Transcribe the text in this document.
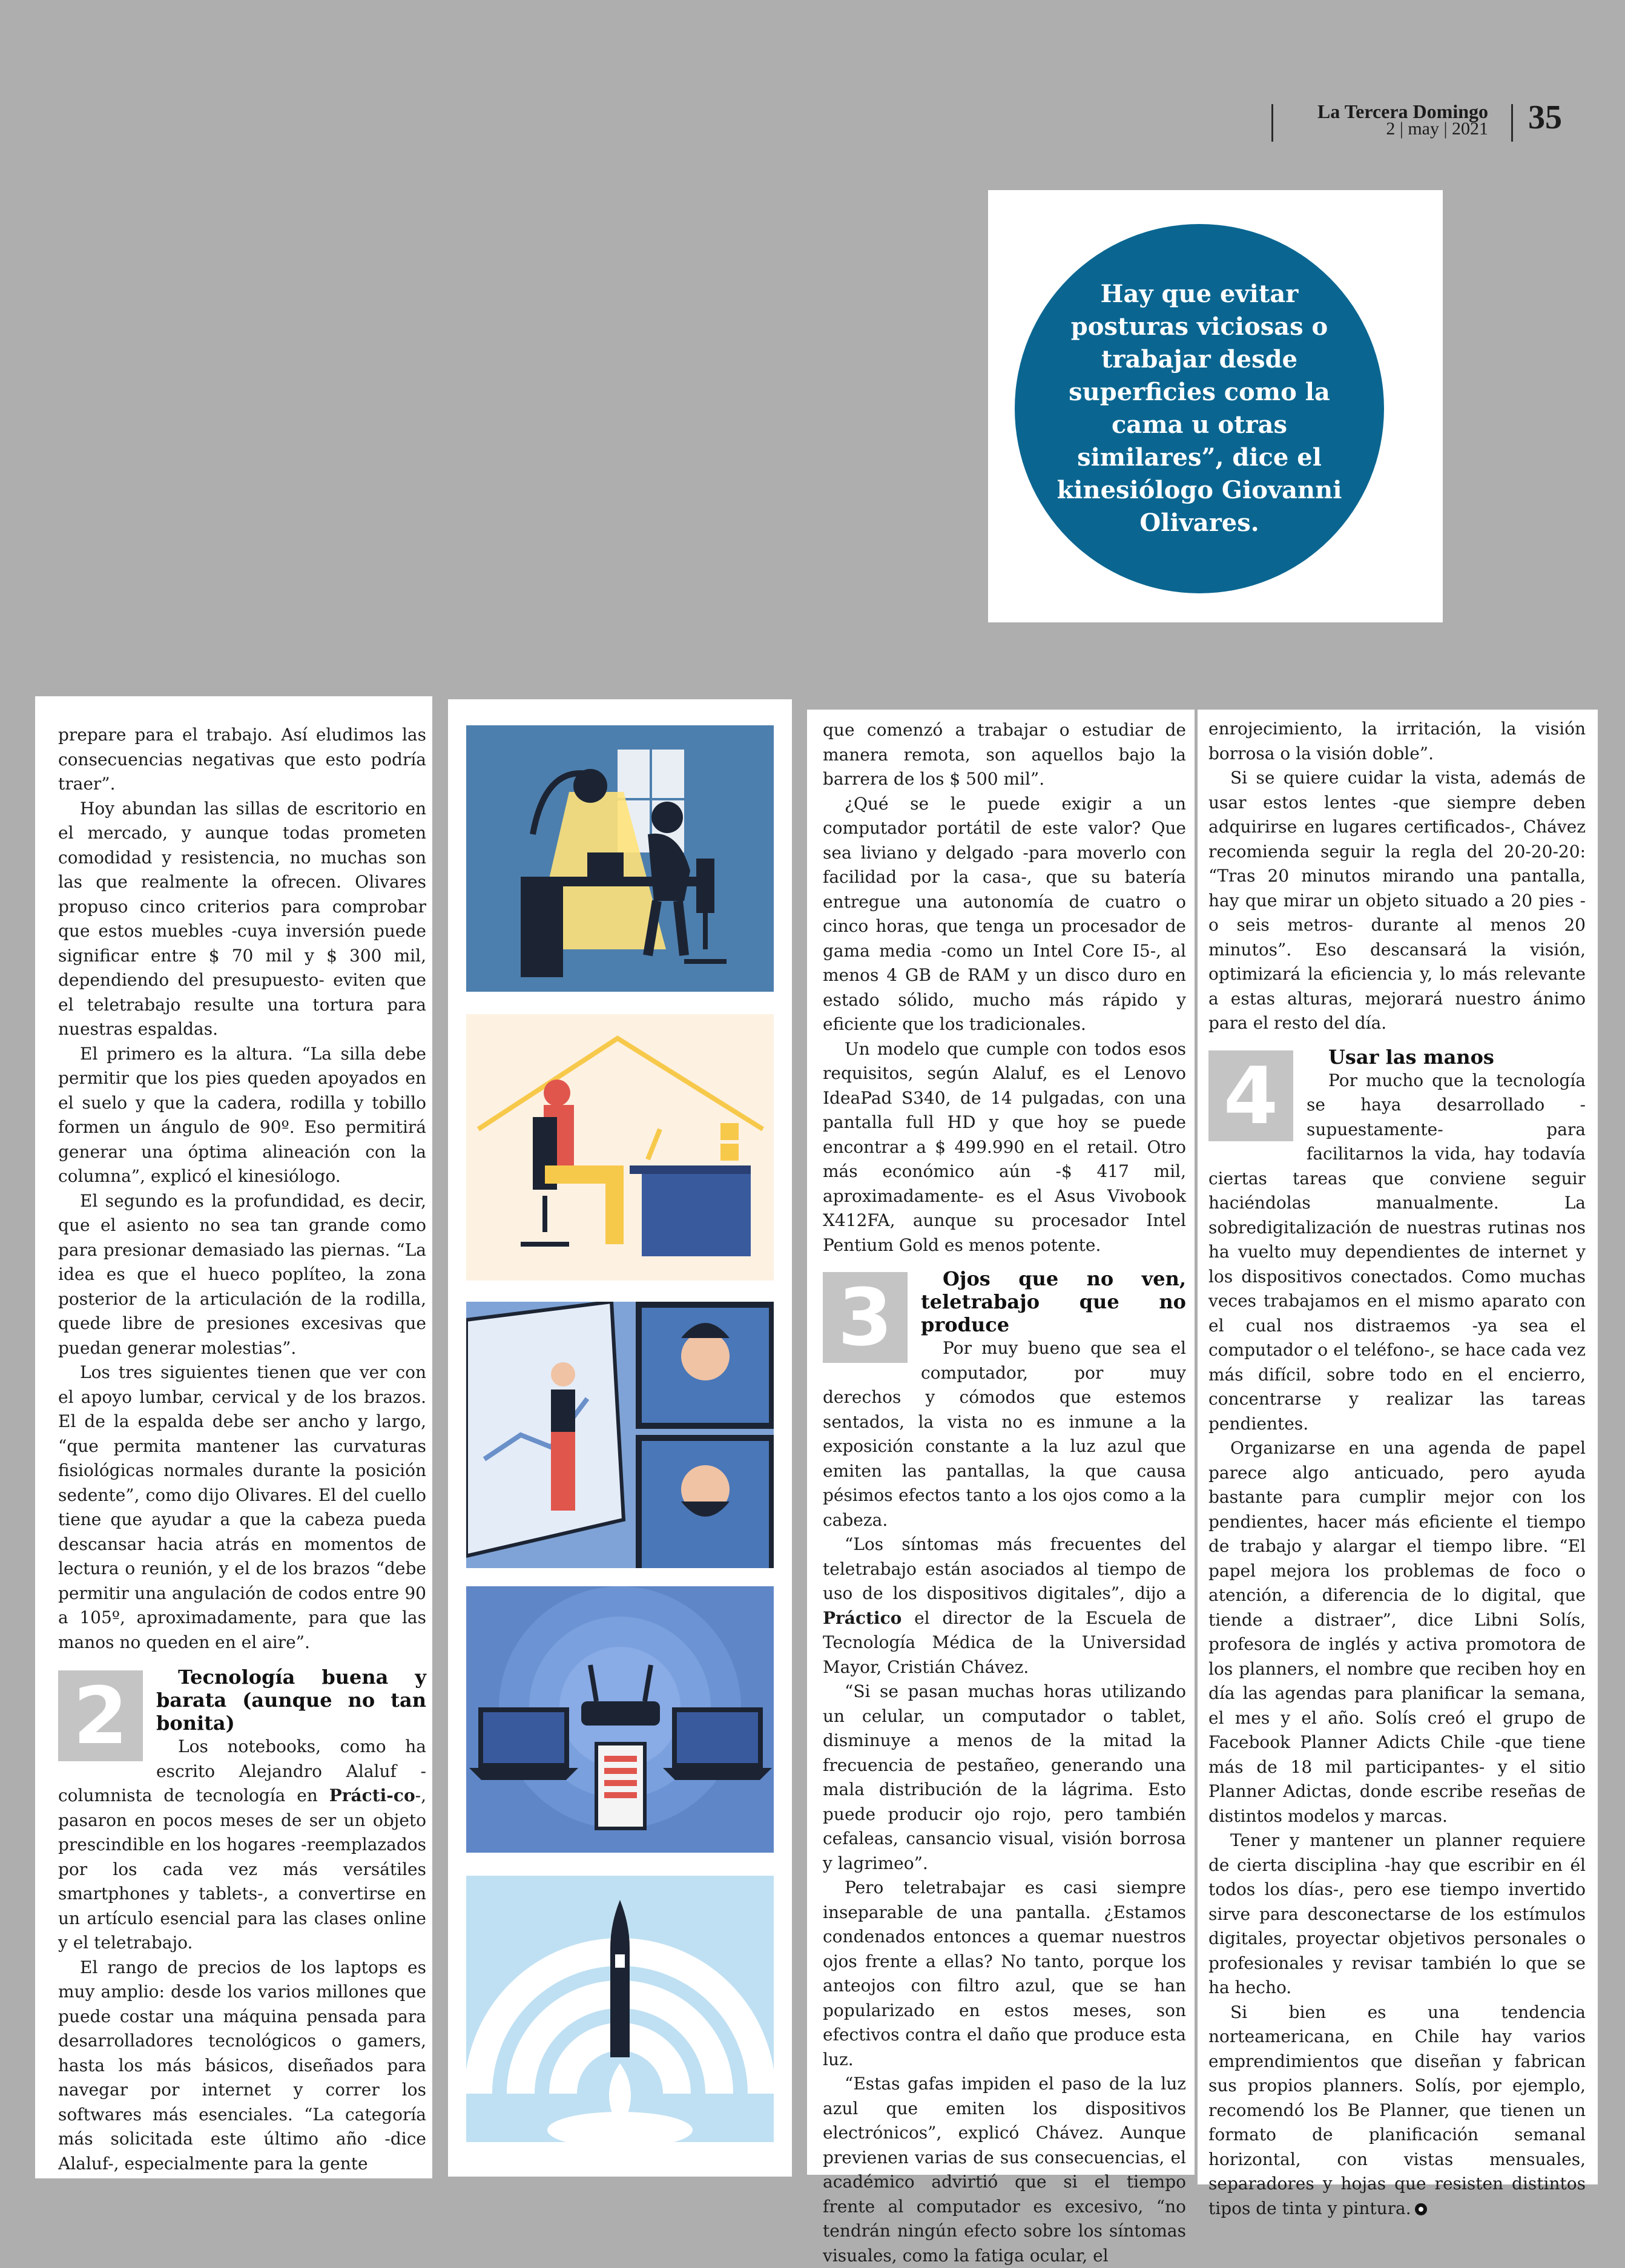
La Tercera Domingo
2 | may | 2021 35
Hay que evitar posturas viciosas o trabajar desde superficies como la cama u otras similares”, dice el kinesiólogo Giovanni Olivares.

prepare para el trabajo. Así eludimos las consecuencias negativas que esto podría traer”.

Hoy abundan las sillas de escritorio en el mercado, y aunque todas prometen comodidad y resistencia, no muchas son las que realmente la ofrecen. Olivares propuso cinco criterios para comprobar que estos muebles -cuya inversión puede significar entre $ 70 mil y $ 300 mil, dependiendo del presupuesto- eviten que el teletrabajo resulte una tortura para nuestras espaldas.

El primero es la altura. “La silla debe permitir que los pies queden apoyados en el suelo y que la cadera, rodilla y tobillo formen un ángulo de 90º. Eso permitirá generar una óptima alineación con la columna”, explicó el kinesiólogo.

El segundo es la profundidad, es decir, que el asiento no sea tan grande como para presionar demasiado las piernas. “La idea es que el hueco poplíteo, la zona posterior de la articulación de la rodilla, quede libre de presiones excesivas que puedan generar molestias”.

Los tres siguientes tienen que ver con el apoyo lumbar, cervical y de los brazos. El de la espalda debe ser ancho y largo, “que permita mantener las curvaturas fisiológicas normales durante la posición sedente”, como dijo Olivares. El del cuello tiene que ayudar a que la cabeza pueda descansar hacia atrás en momentos de lectura o reunión, y el de los brazos “debe permitir una angulación de codos entre 90 a 105º, aproximadamente, para que las manos no queden en el aire”.

2	Tecnología buena y barata (aunque no tan bonita)

Los notebooks, como ha escrito Alejandro Alaluf -columnista de tecnología en Prácti-co-, pasaron en pocos meses de ser un objeto prescindible en los hogares -reemplazados por los cada vez más versátiles smartphones y tablets-, a convertirse en un artículo esencial para las clases online y el teletrabajo.

El rango de precios de los laptops es muy amplio: desde los varios millones que puede costar una máquina pensada para desarrolladores tecnológicos o gamers, hasta los más básicos, diseñados para navegar por internet y correr los softwares más esenciales. “La categoría más solicitada este último año -dice Alaluf-, especialmente para la gente

que comenzó a trabajar o estudiar de manera remota, son aquellos bajo la barrera de los $ 500 mil”.

¿Qué se le puede exigir a un computador portátil de este valor? Que sea liviano y delgado -para moverlo con facilidad por la casa-, que su batería entregue una autonomía de cuatro o cinco horas, que tenga un procesador de gama media -como un Intel Core I5-, al menos 4 GB de RAM y un disco duro en estado sólido, mucho más rápido y eficiente que los tradicionales.

Un modelo que cumple con todos esos requisitos, según Alaluf, es el Lenovo IdeaPad S340, de 14 pulgadas, con una pantalla full HD y que hoy se puede encontrar a $ 499.990 en el retail. Otro más económico aún -$ 417 mil, aproximadamente- es el Asus Vivobook X412FA, aunque su procesador Intel Pentium Gold es menos potente.

3	Ojos que no ven, teletrabajo que no produce

Por muy bueno que sea el computador, por muy derechos y cómodos que estemos sentados, la vista no es inmune a la exposición constante a la luz azul que emiten las pantallas, la que causa pésimos efectos tanto a los ojos como a la cabeza.

“Los síntomas más frecuentes del teletrabajo están asociados al tiempo de uso de los dispositivos digitales”, dijo a Práctico el director de la Escuela de Tecnología Médica de la Universidad Mayor, Cristián Chávez.

“Si se pasan muchas horas utilizando un celular, un computador o tablet, disminuye a menos de la mitad la frecuencia de pestañeo, generando una mala distribución de la lágrima. Esto puede producir ojo rojo, pero también cefaleas, cansancio visual, visión borrosa y lagrimeo”.

Pero teletrabajar es casi siempre inseparable de una pantalla. ¿Estamos condenados entonces a quemar nuestros ojos frente a ellas? No tanto, porque los anteojos con filtro azul, que se han popularizado en estos meses, son efectivos contra el daño que produce esta luz.

“Estas gafas impiden el paso de la luz azul que emiten los dispositivos electrónicos”, explicó Chávez. Aunque previenen varias de sus consecuencias, el académico advirtió que si el tiempo frente al computador es excesivo, “no tendrán ningún efecto sobre los síntomas visuales, como la fatiga ocular, el

enrojecimiento, la irritación, la visión borrosa o la visión doble”.

Si se quiere cuidar la vista, además de usar estos lentes -que siempre deben adquirirse en lugares certificados-, Chávez recomienda seguir la regla del 20-20-20: “Tras 20 minutos mirando una pantalla, hay que mirar un objeto situado a 20 pies -o seis metros- durante al menos 20 minutos”. Eso descansará la visión, optimizará la eficiencia y, lo más relevante a estas alturas, mejorará nuestro ánimo para el resto del día.

4	Usar las manos

Por mucho que la tecnología se haya desarrollado -supuestamente- para facilitarnos la vida, hay todavía ciertas tareas que conviene seguir haciéndolas manualmente. La sobredigitalización de nuestras rutinas nos ha vuelto muy dependientes de internet y los dispositivos conectados. Como muchas veces trabajamos en el mismo aparato con el cual nos distraemos -ya sea el computador o el teléfono-, se hace cada vez más difícil, sobre todo en el encierro, concentrarse y realizar las tareas pendientes.

Organizarse en una agenda de papel parece algo anticuado, pero ayuda bastante para cumplir mejor con los pendientes, hacer más eficiente el tiempo de trabajo y alargar el tiempo libre. “El papel mejora los problemas de foco o atención, a diferencia de lo digital, que tiende a distraer”, dice Libni Solís, profesora de inglés y activa promotora de los planners, el nombre que reciben hoy en día las agendas para planificar la semana, el mes y el año. Solís creó el grupo de Facebook Planner Adicts Chile -que tiene más de 18 mil participantes- y el sitio Planner Adictas, donde escribe reseñas de distintos modelos y marcas.

Tener y mantener un planner requiere de cierta disciplina -hay que escribir en él todos los días-, pero ese tiempo invertido sirve para desconectarse de los estímulos digitales, proyectar objetivos personales o profesionales y revisar también lo que se ha hecho.

Si bien es una tendencia norteamericana, en Chile hay varios emprendimientos que diseñan y fabrican sus propios planners. Solís, por ejemplo, recomendó los Be Planner, que tienen un formato de planificación semanal horizontal, con vistas mensuales, separadores y hojas que resisten distintos tipos de tinta y pintura.
